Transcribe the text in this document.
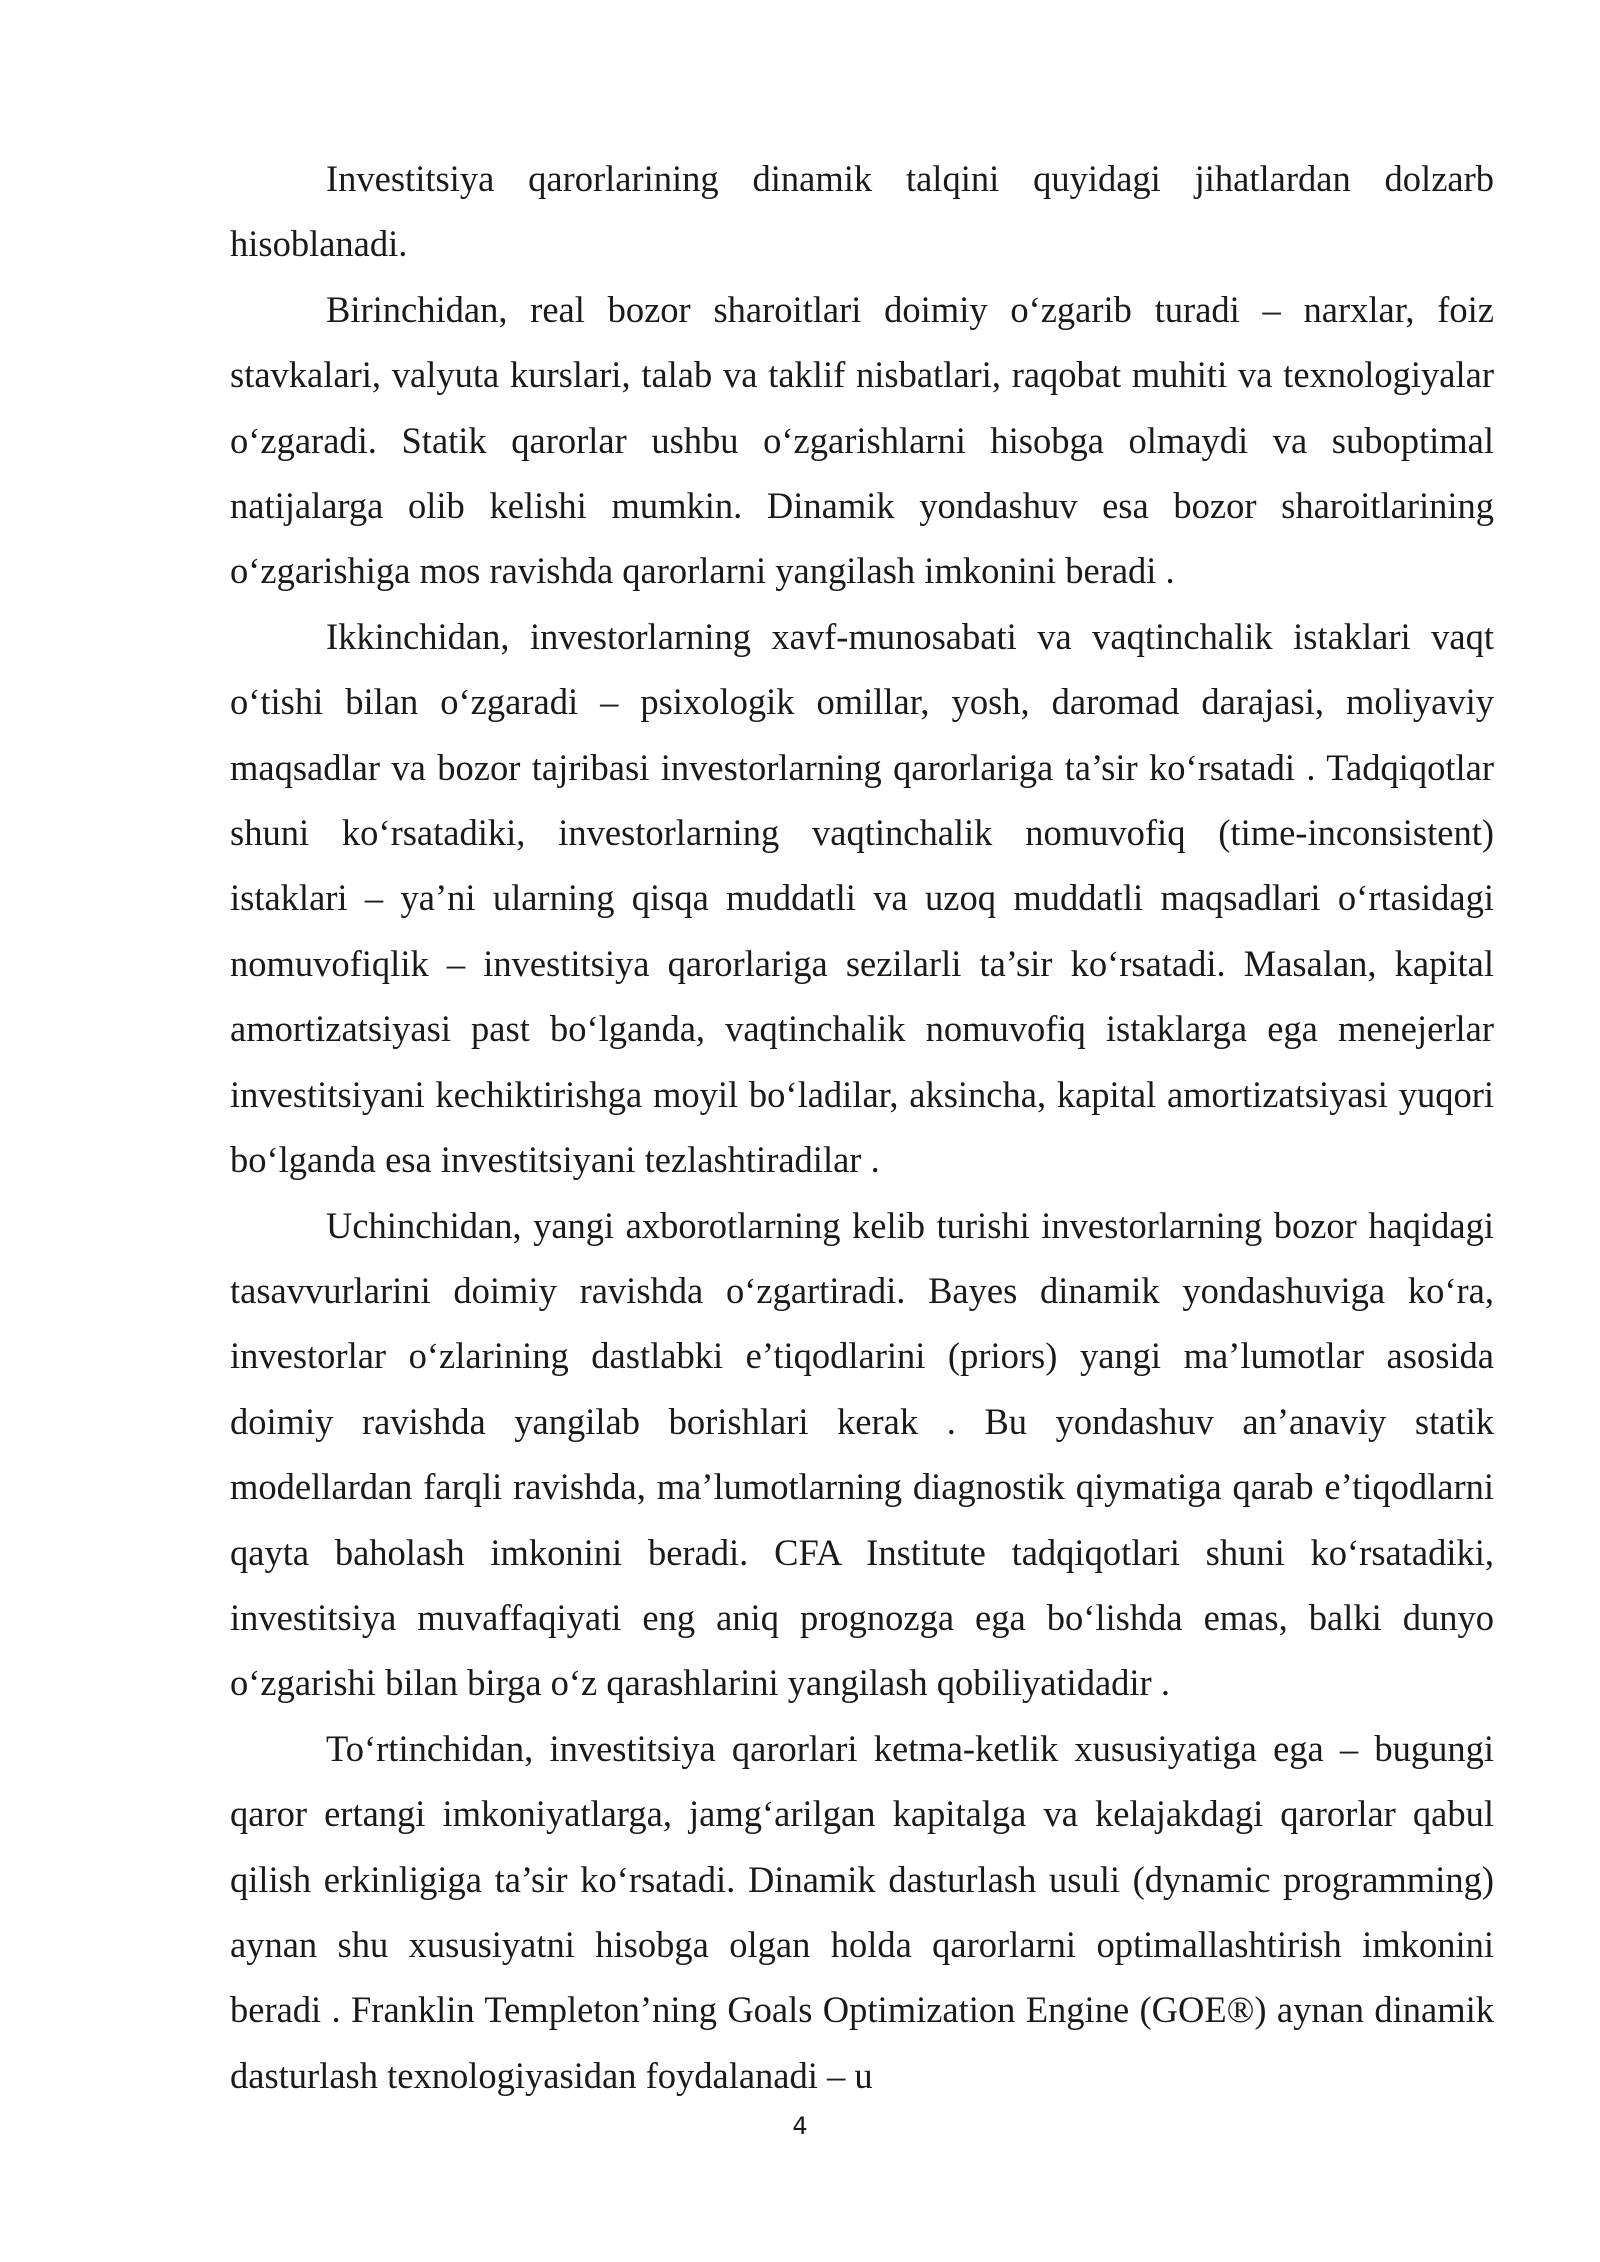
Investitsiya qarorlarining dinamik talqini quyidagi jihatlardan dolzarb hisoblanadi.

Birinchidan, real bozor sharoitlari doimiy o‘zgarib turadi – narxlar, foiz stavkalari, valyuta kurslari, talab va taklif nisbatlari, raqobat muhiti va texnologiyalar o‘zgaradi. Statik qarorlar ushbu o‘zgarishlarni hisobga olmaydi va suboptimal natijalarga olib kelishi mumkin. Dinamik yondashuv esa bozor sharoitlarining o‘zgarishiga mos ravishda qarorlarni yangilash imkonini beradi .

Ikkinchidan, investorlarning xavf-munosabati va vaqtinchalik istaklari vaqt o‘tishi bilan o‘zgaradi – psixologik omillar, yosh, daromad darajasi, moliyaviy maqsadlar va bozor tajribasi investorlarning qarorlariga ta’sir ko‘rsatadi . Tadqiqotlar shuni ko‘rsatadiki, investorlarning vaqtinchalik nomuvofiq (time-inconsistent) istaklari – ya’ni ularning qisqa muddatli va uzoq muddatli maqsadlari o‘rtasidagi nomuvofiqlik – investitsiya qarorlariga sezilarli ta’sir ko‘rsatadi. Masalan, kapital amortizatsiyasi past bo‘lganda, vaqtinchalik nomuvofiq istaklarga ega menejerlar investitsiyani kechiktirishga moyil bo‘ladilar, aksincha, kapital amortizatsiyasi yuqori bo‘lganda esa investitsiyani tezlashtiradilar .

Uchinchidan, yangi axborotlarning kelib turishi investorlarning bozor haqidagi tasavvurlarini doimiy ravishda o‘zgartiradi. Bayes dinamik yondashuviga ko‘ra, investorlar o‘zlarining dastlabki e’tiqodlarini (priors) yangi ma’lumotlar asosida doimiy ravishda yangilab borishlari kerak . Bu yondashuv an’anaviy statik modellardan farqli ravishda, ma’lumotlarning diagnostik qiymatiga qarab e’tiqodlarni qayta baholash imkonini beradi. CFA Institute tadqiqotlari shuni ko‘rsatadiki, investitsiya muvaffaqiyati eng aniq prognozga ega bo‘lishda emas, balki dunyo o‘zgarishi bilan birga o‘z qarashlarini yangilash qobiliyatidadir .

To‘rtinchidan, investitsiya qarorlari ketma-ketlik xususiyatiga ega – bugungi qaror ertangi imkoniyatlarga, jamg‘arilgan kapitalga va kelajakdagi qarorlar qabul qilish erkinligiga ta’sir ko‘rsatadi. Dinamik dasturlash usuli (dynamic programming) aynan shu xususiyatni hisobga olgan holda qarorlarni optimallashtirish imkonini beradi . Franklin Templeton’ning Goals Optimization Engine (GOE®) aynan dinamik dasturlash texnologiyasidan foydalanadi – u

4
